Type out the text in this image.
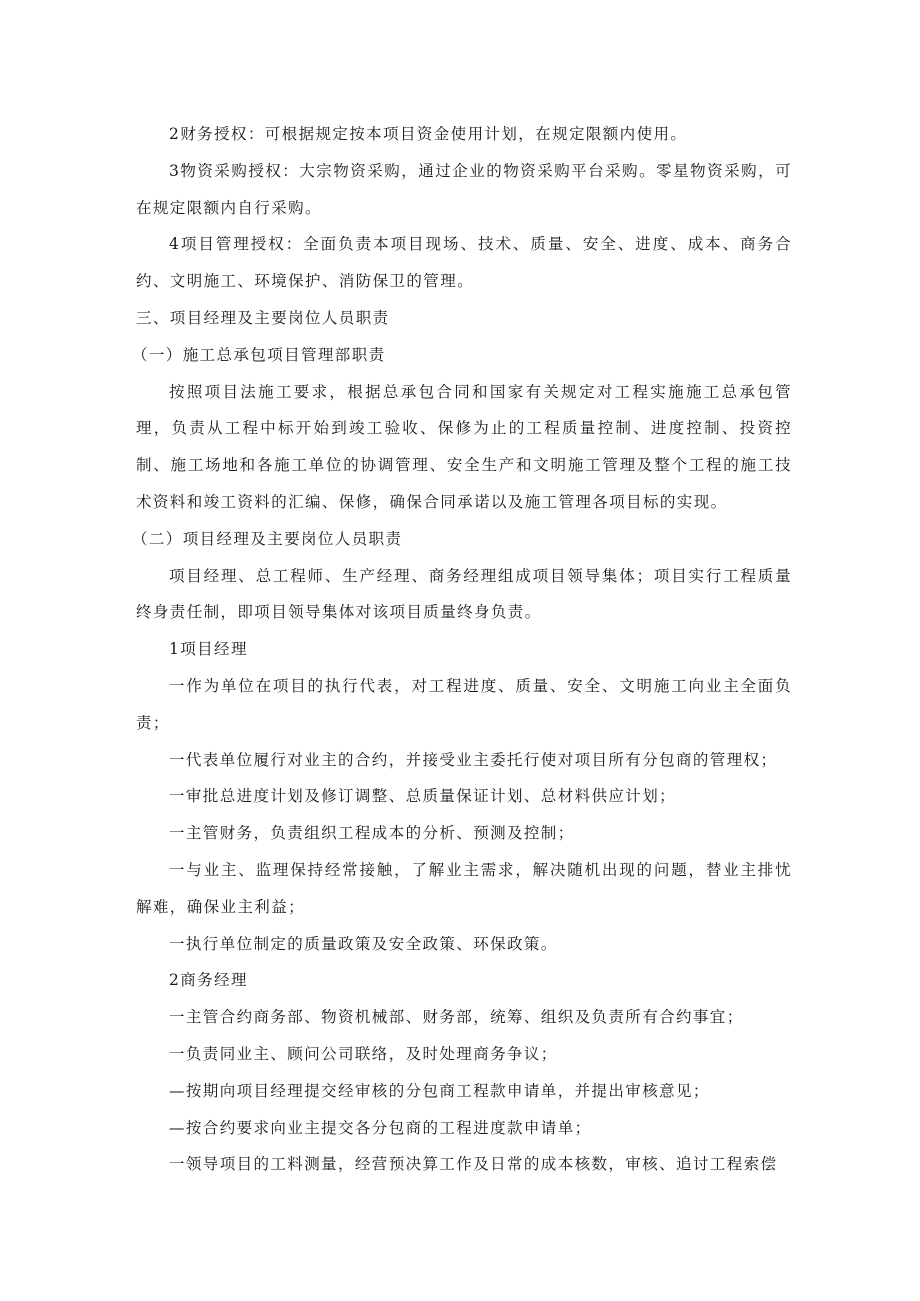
2财务授权：可根据规定按本项目资金使用计划，在规定限额内使用。

3物资采购授权：大宗物资采购，通过企业的物资采购平台采购。零星物资采购，可在规定限额内自行采购。

4项目管理授权：全面负责本项目现场、技术、质量、安全、进度、成本、商务合约、文明施工、环境保护、消防保卫的管理。

三、项目经理及主要岗位人员职责

（一）施工总承包项目管理部职责

按照项目法施工要求，根据总承包合同和国家有关规定对工程实施施工总承包管理，负责从工程中标开始到竣工验收、保修为止的工程质量控制、进度控制、投资控制、施工场地和各施工单位的协调管理、安全生产和文明施工管理及整个工程的施工技术资料和竣工资料的汇编、保修，确保合同承诺以及施工管理各项目标的实现。

（二）项目经理及主要岗位人员职责

项目经理、总工程师、生产经理、商务经理组成项目领导集体；项目实行工程质量终身责任制，即项目领导集体对该项目质量终身负责。

1项目经理

一作为单位在项目的执行代表，对工程进度、质量、安全、文明施工向业主全面负责；

一代表单位履行对业主的合约，并接受业主委托行使对项目所有分包商的管理权；

一审批总进度计划及修订调整、总质量保证计划、总材料供应计划；

一主管财务，负责组织工程成本的分析、预测及控制；

一与业主、监理保持经常接触，了解业主需求，解决随机出现的问题，替业主排忧解难，确保业主利益；

一执行单位制定的质量政策及安全政策、环保政策。

2商务经理

一主管合约商务部、物资机械部、财务部，统筹、组织及负责所有合约事宜；

一负责同业主、顾问公司联络，及时处理商务争议；

—按期向项目经理提交经审核的分包商工程款申请单，并提出审核意见；

—按合约要求向业主提交各分包商的工程进度款申请单；

一领导项目的工料测量，经营预决算工作及日常的成本核数，审核、追讨工程索偿
